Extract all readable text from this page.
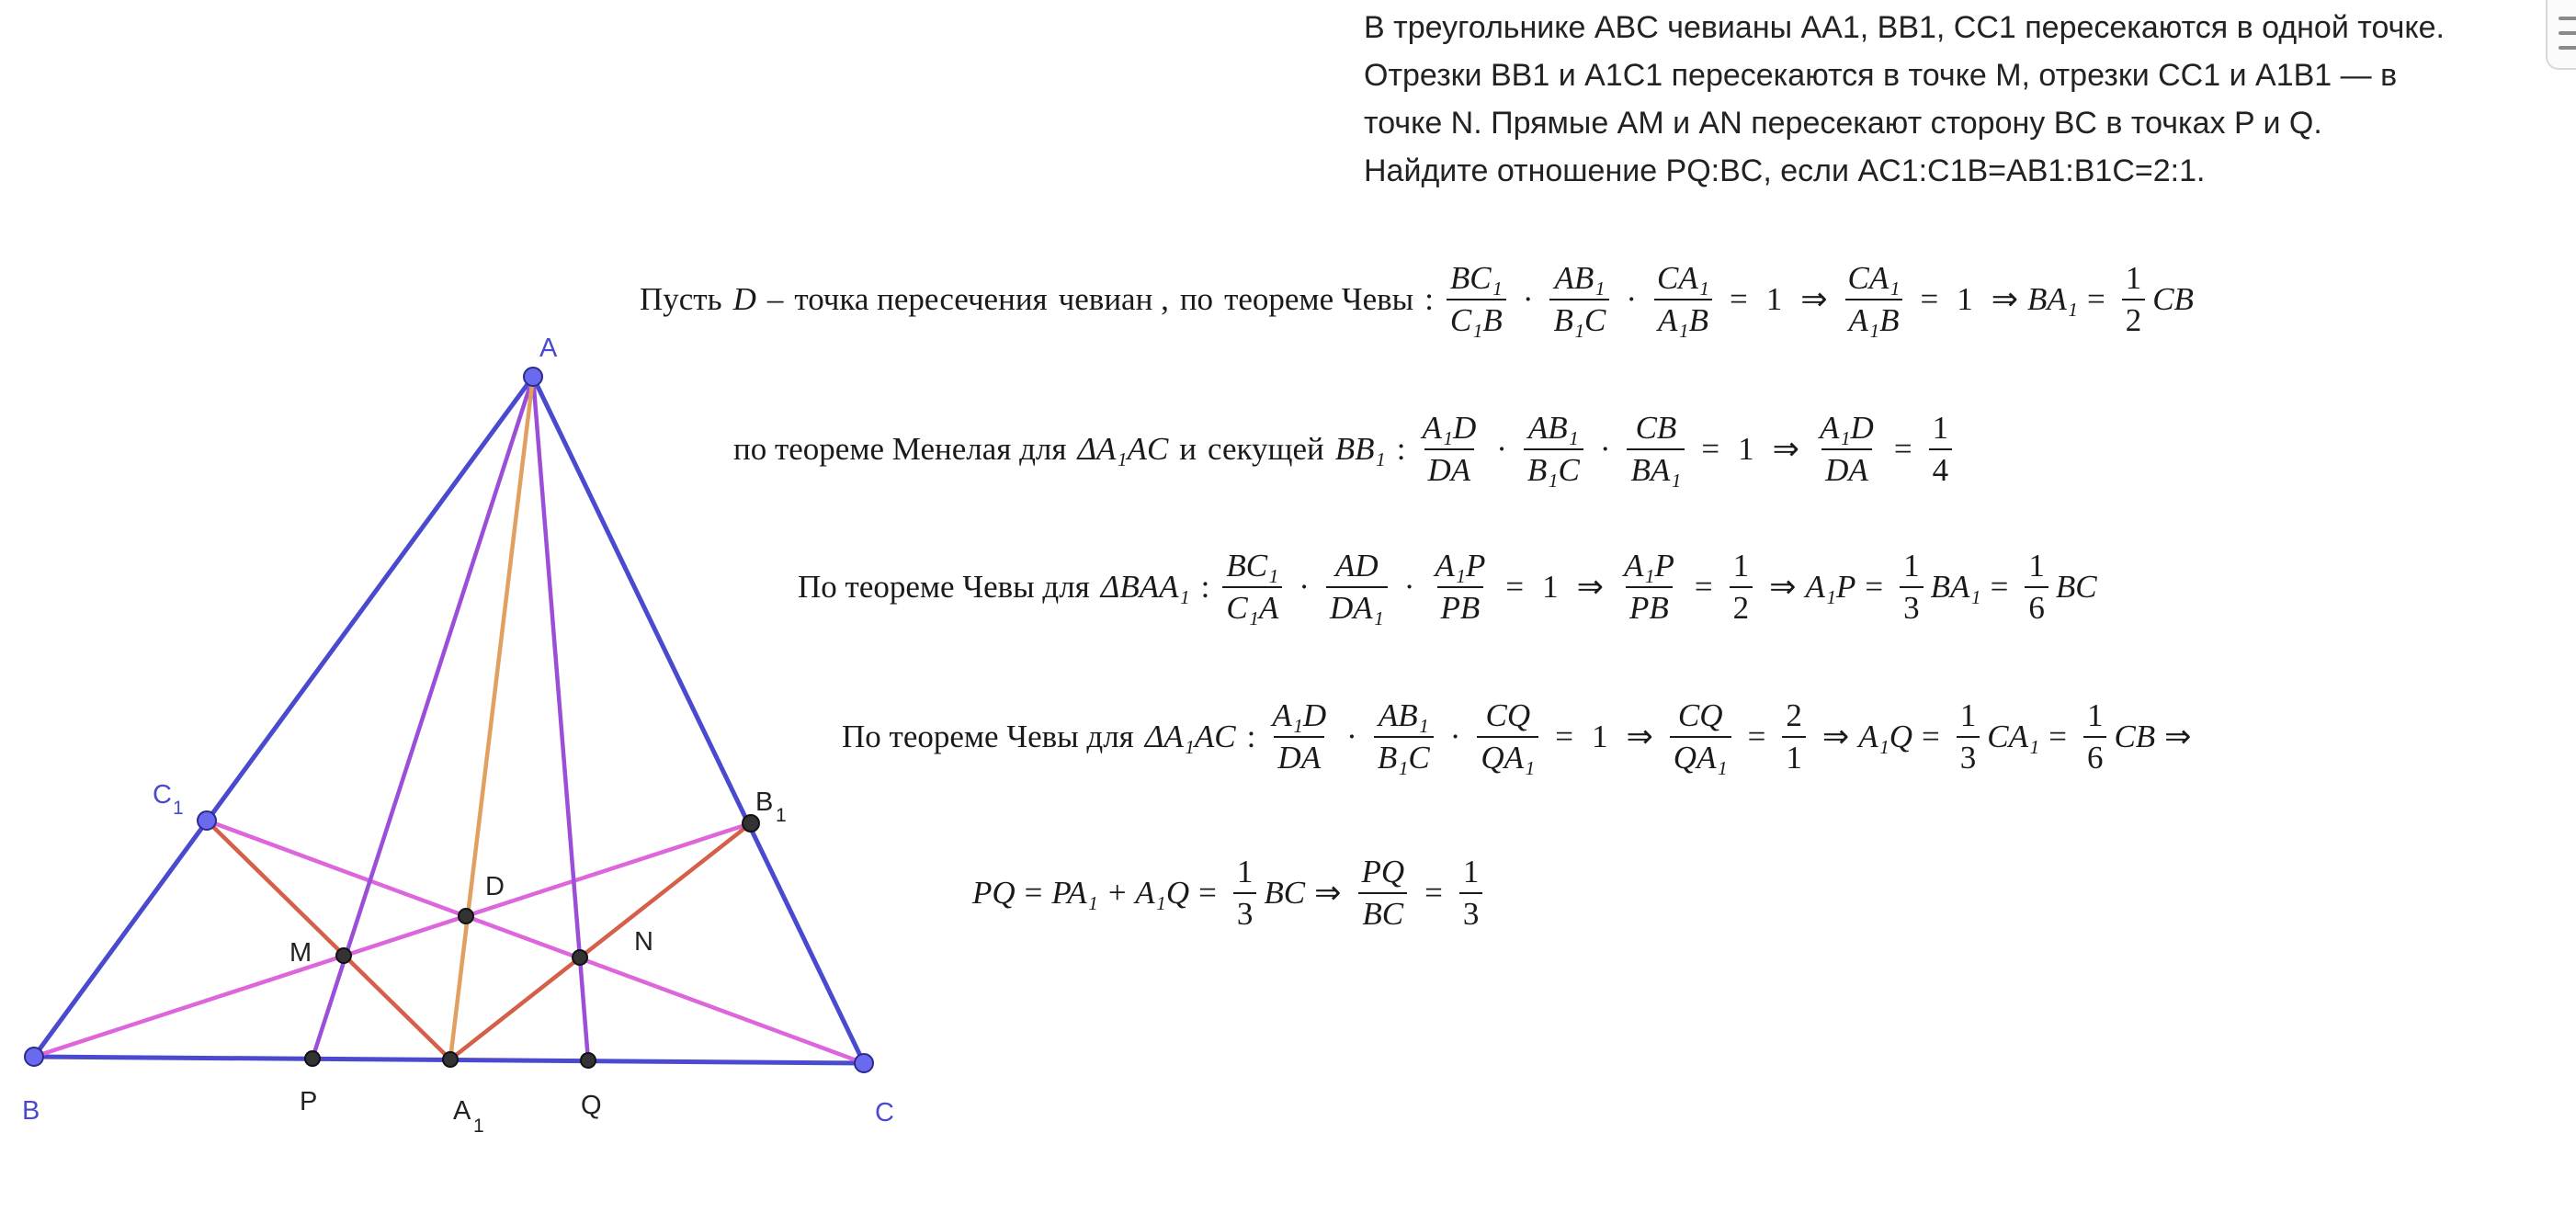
В треугольнике ABC чевианы AA1, BB1, CC1 пересекаются в одной точке.
Отрезки BB1 и A1C1 пересекаются в точке M, отрезки CC1 и A1B1 — в
точке N. Прямые AM и AN пересекают сторону BC в точках P и Q.
Найдите отношение PQ:BC, если AC1:C1B=AB1:B1C=2:1.
A
B	C
C 1	B 1
D
M	N
P	A
1
Q
Пусть D – точка пересечения чевиан , по теореме Чевы : $\frac{\text{BC₁}}{\text{C₁B}} \cdot \frac{\text{AB₁}}{\text{B₁C}} \cdot \frac{\text{CA₁}}{\text{A₁B}} = 1$ ⇒ $\frac{\text{CA₁}}{\text{A₁B}} = 1$ ⇒ $BA_1 = \frac{1}{2}$ CB
по теореме Менелая для ΔA₁AC и секущей BB₁ : $\frac{\text{A₁D}}{DA} \cdot \frac{\text{AB₁}}{\text{B₁C}} \cdot \frac{CB}{\text{BA₁}} = 1$ ⇒ $\frac{\text{A₁D}}{DA} = \frac{1}{4}$
По теореме Чевы для ΔBAA₁ : $\frac{\text{BC₁}}{\text{C₁A}} \cdot \frac{AD}{\text{DA₁}} \cdot \frac{\text{A₁P}}{PB} = 1$ ⇒ $\frac{\text{A₁P}}{PB} = \frac{1}{2}$ ⇒ $A_1P = \frac{1}{3} BA_1 = \frac{1}{6}$ BC
По теореме Чевы для ΔA₁AC : $\frac{\text{A₁D}}{DA} \cdot \frac{\text{AB₁}}{\text{B₁C}} \cdot \frac{CQ}{\text{QA₁}} = 1$ ⇒ $\frac{CQ}{\text{QA₁}} = \frac{2}{1}$ ⇒ $A_1Q = \frac{1}{3} CA_1 = \frac{1}{6}$ CB ⇒
PQ = $PA_1 + A_1Q = \frac{1}{3}$ BC ⇒ $\frac{PQ}{BC} = \frac{1}{3}$
